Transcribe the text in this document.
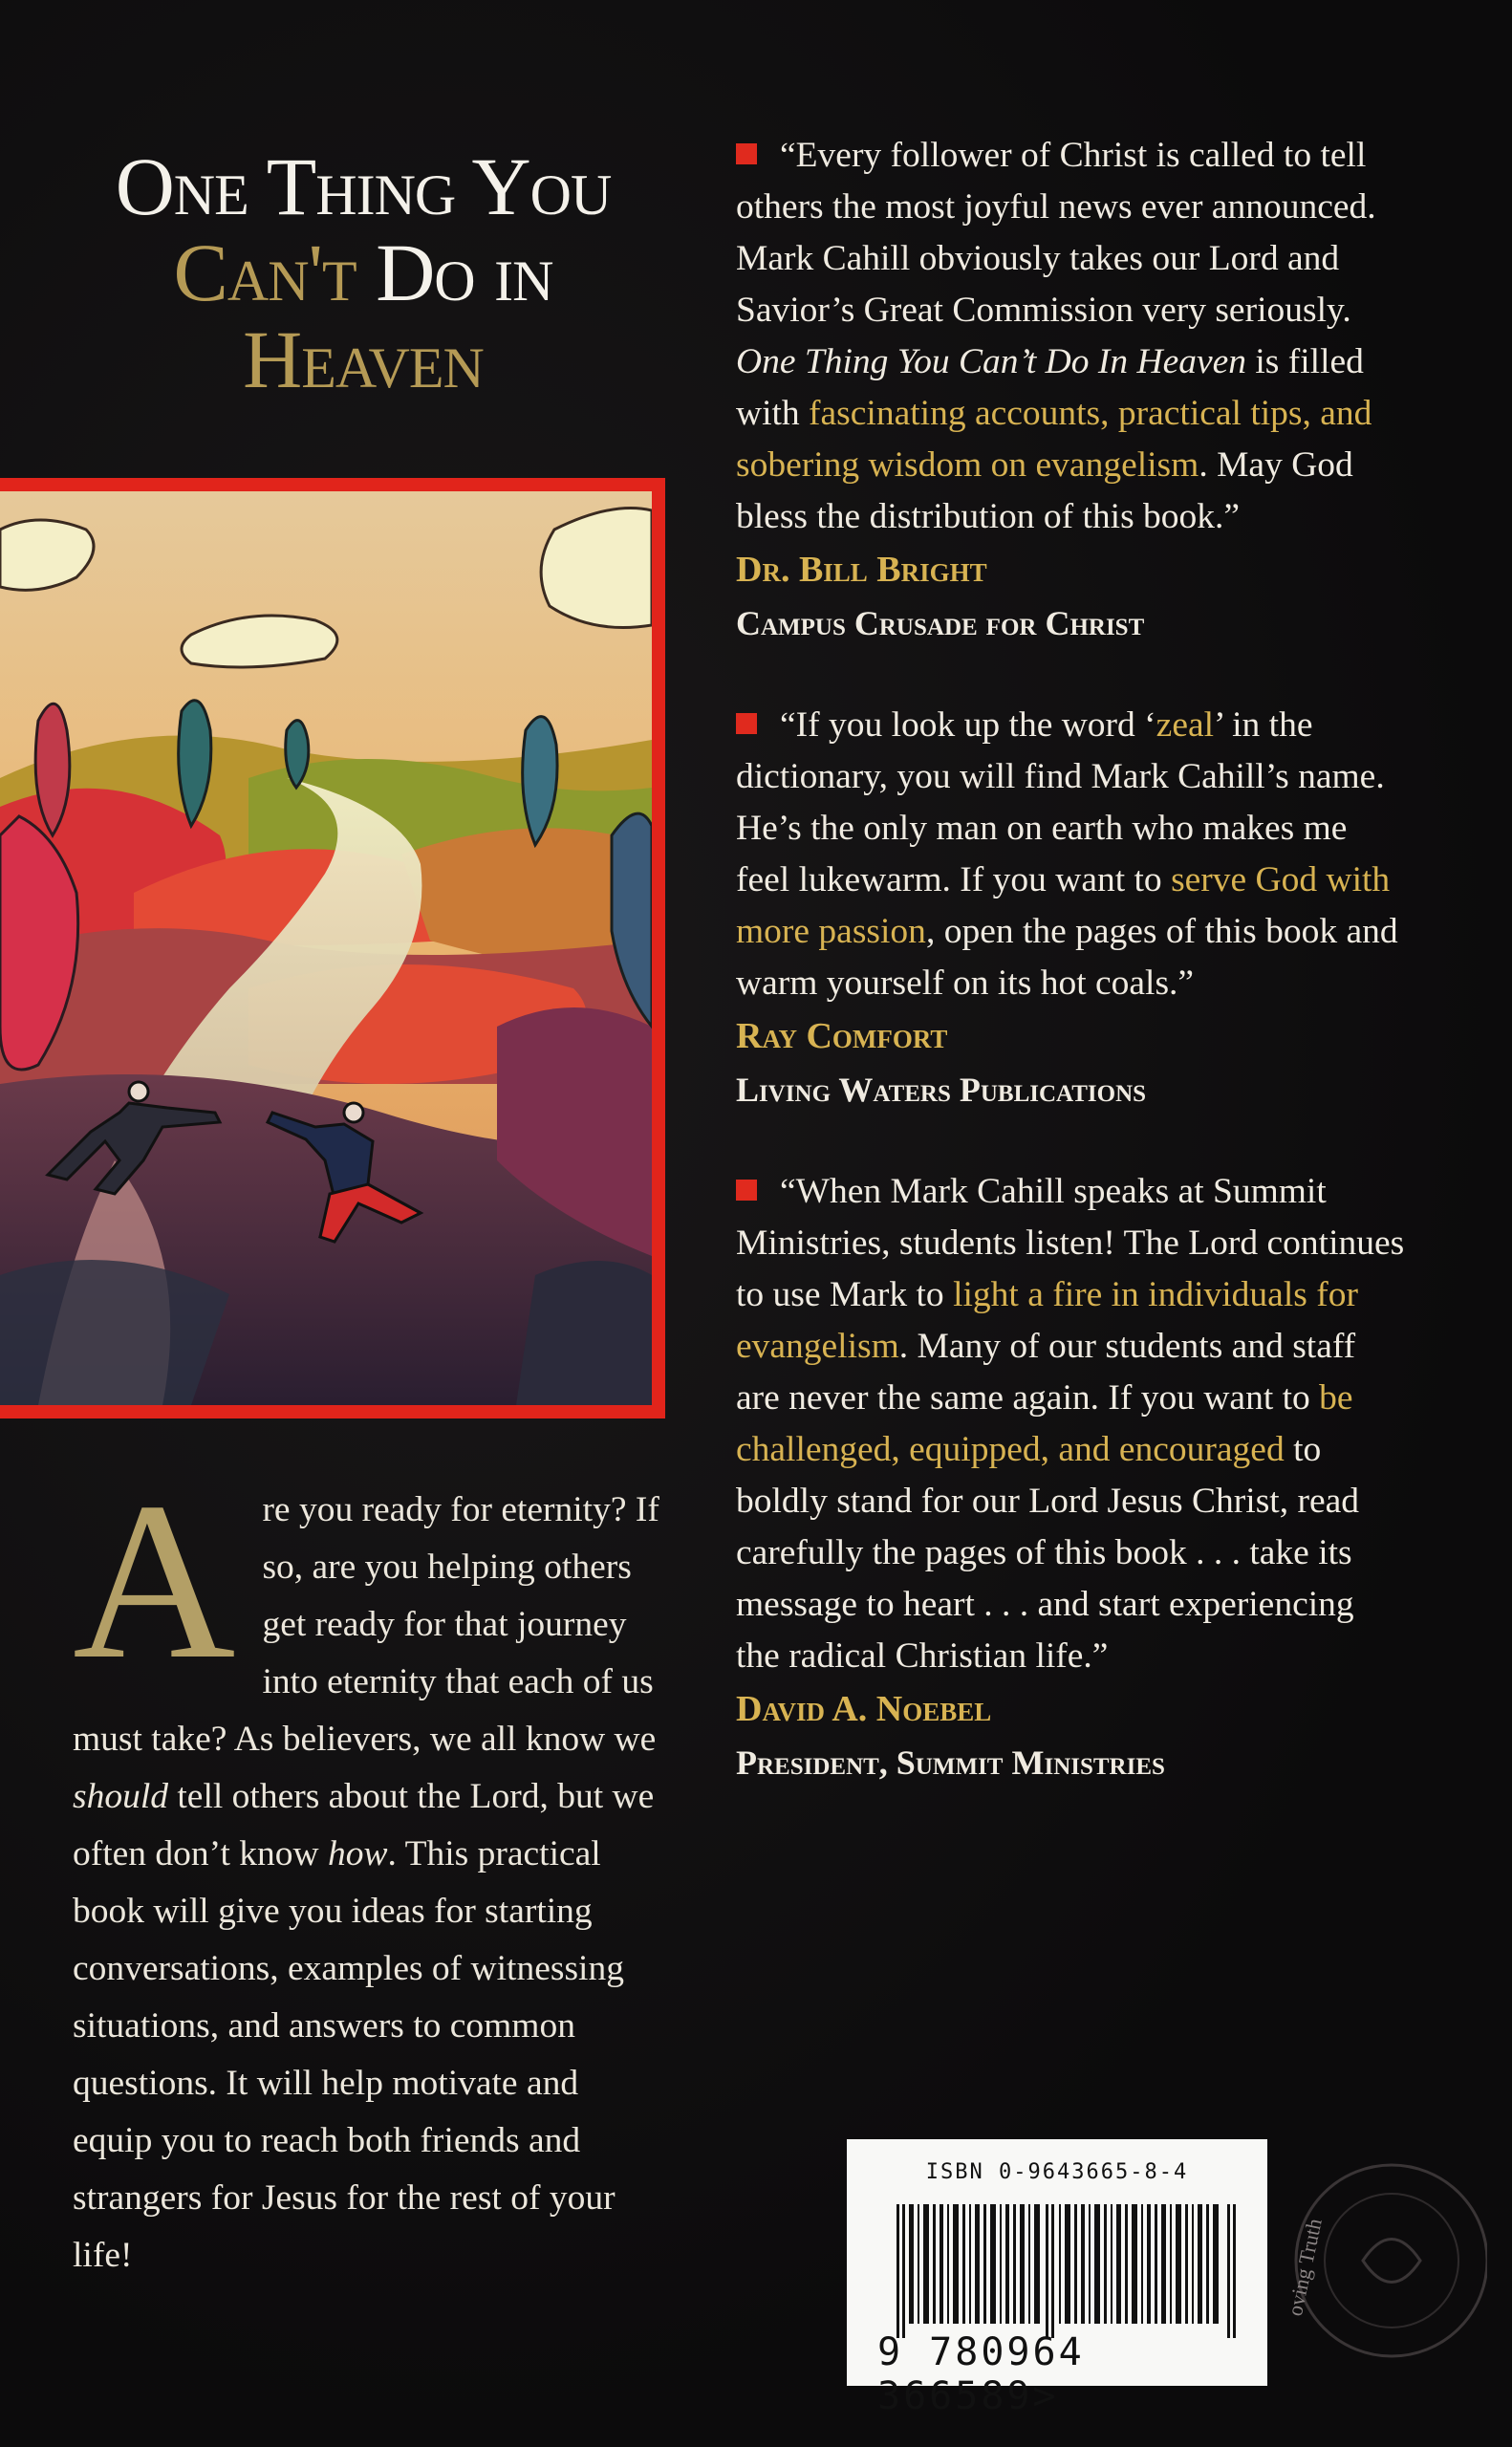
One Thing You
Can't Do in
Heaven
Are you ready for eternity? If so, are you helping others get ready for that journey into eternity that each of us must take? As believers, we all know we should tell others about the Lord, but we often don’t know how. This practical book will give you ideas for starting conversations, examples of witnessing situations, and answers to common questions. It will help motivate and equip you to reach both friends and strangers for Jesus for the rest of your life!
“Every follower of Christ is called to tell others the most joyful news ever announced. Mark Cahill obviously takes our Lord and Savior’s Great Commission very seriously. One Thing You Can’t Do In Heaven is filled with fascinating accounts, practical tips, and sobering wisdom on evangelism. May God bless the distribution of this book.”
Dr. Bill Bright
Campus Crusade for Christ
“If you look up the word ‘zeal’ in the dictionary, you will find Mark Cahill’s name. He’s the only man on earth who makes me feel lukewarm. If you want to serve God with more passion, open the pages of this book and warm yourself on its hot coals.”
Ray Comfort
Living Waters Publications
“When Mark Cahill speaks at Summit Ministries, students listen! The Lord continues to use Mark to light a fire in individuals for evangelism. Many of our students and staff are never the same again. If you want to be challenged, equipped, and encouraged to boldly stand for our Lord Jesus Christ, read carefully the pages of this book . . . take its message to heart . . . and start experiencing the radical Christian life.”
David A. Noebel
President, Summit Ministries
ISBN 0-9643665-8-4
9 780964 366589>
oving Truth
